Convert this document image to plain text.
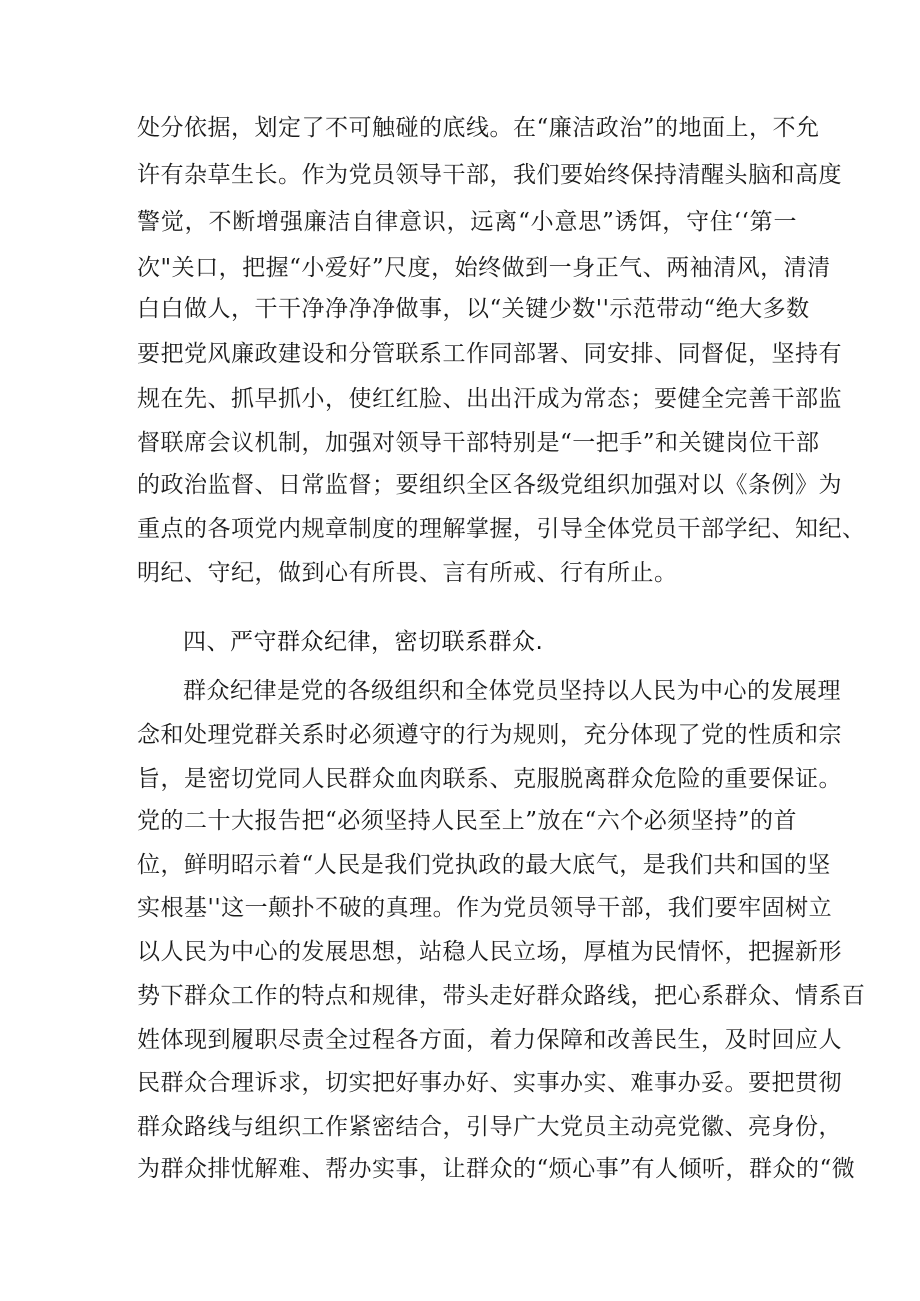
处分依据，划定了不可触碰的底线。在“廉洁政治”的地面上，不允
许有杂草生长。作为党员领导干部，我们要始终保持清醒头脑和高度
警觉，不断增强廉洁自律意识，远离“小意思”诱饵，守住‘‘第一
次"关口，把握“小爱好”尺度，始终做到一身正气、两袖清风，清清
白白做人，干干净净净净做事，以“关键少数''示范带动“绝大多数
要把党风廉政建设和分管联系工作同部署、同安排、同督促，坚持有
规在先、抓早抓小，使红红脸、出出汗成为常态；要健全完善干部监
督联席会议机制，加强对领导干部特别是“一把手”和关键岗位干部
的政治监督、日常监督；要组织全区各级党组织加强对以《条例》为
重点的各项党内规章制度的理解掌握，引导全体党员干部学纪、知纪、
明纪、守纪，做到心有所畏、言有所戒、行有所止。
四、严守群众纪律，密切联系群众.
群众纪律是党的各级组织和全体党员坚持以人民为中心的发展理
念和处理党群关系时必须遵守的行为规则，充分体现了党的性质和宗
旨，是密切党同人民群众血肉联系、克服脱离群众危险的重要保证。
党的二十大报告把“必须坚持人民至上”放在“六个必须坚持”的首
位，鲜明昭示着“人民是我们党执政的最大底气，是我们共和国的坚
实根基''这一颠扑不破的真理。作为党员领导干部，我们要牢固树立
以人民为中心的发展思想，站稳人民立场，厚植为民情怀，把握新形
势下群众工作的特点和规律，带头走好群众路线，把心系群众、情系百
姓体现到履职尽责全过程各方面，着力保障和改善民生，及时回应人
民群众合理诉求，切实把好事办好、实事办实、难事办妥。要把贯彻
群众路线与组织工作紧密结合，引导广大党员主动亮党徽、亮身份，
为群众排忧解难、帮办实事，让群众的“烦心事”有人倾听，群众的“微
